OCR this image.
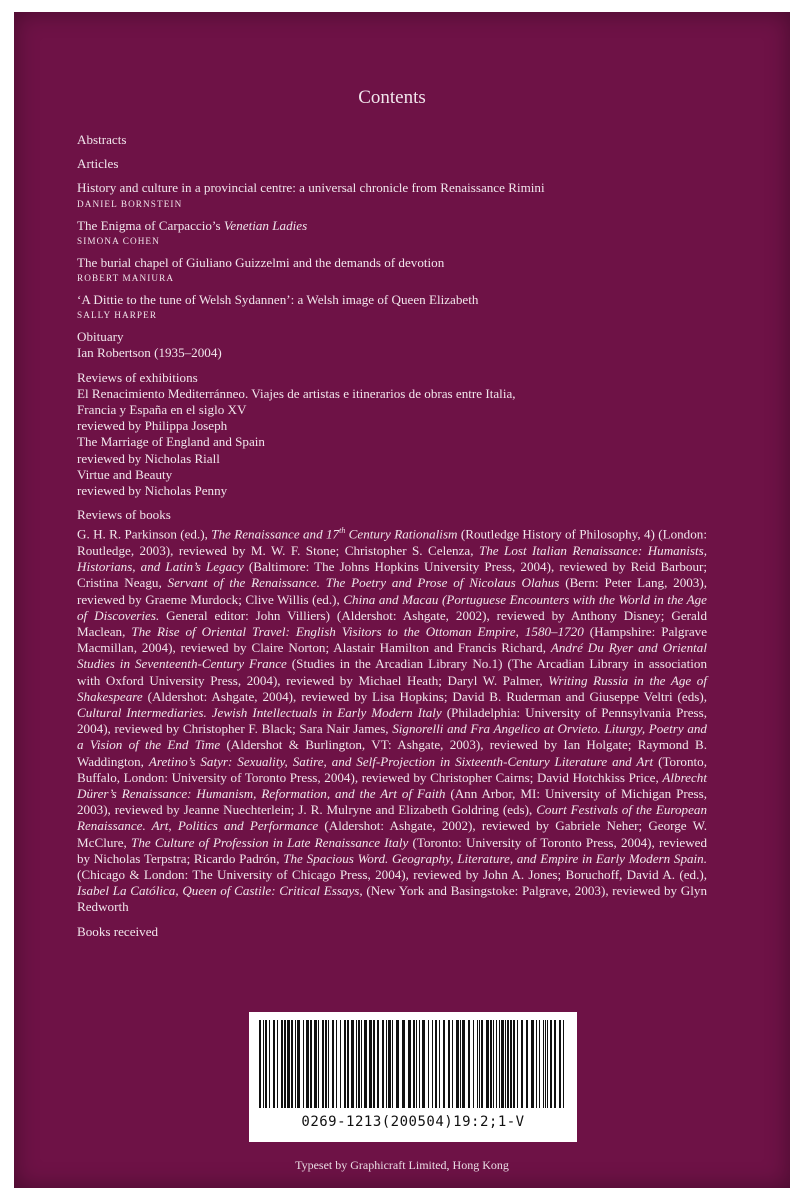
Contents

Abstracts

Articles

History and culture in a provincial centre: a universal chronicle from Renaissance Rimini

DANIEL BORNSTEIN

The Enigma of Carpaccio’s Venetian Ladies

SIMONA COHEN

The burial chapel of Giuliano Guizzelmi and the demands of devotion

ROBERT MANIURA

‘A Dittie to the tune of Welsh Sydannen’: a Welsh image of Queen Elizabeth

SALLY HARPER

Obituary

Ian Robertson (1935–2004)

Reviews of exhibitions

El Renacimiento Mediterránneo. Viajes de artistas e itinerarios de obras entre Italia,

Francia y España en el siglo XV

reviewed by Philippa Joseph

The Marriage of England and Spain

reviewed by Nicholas Riall

Virtue and Beauty

reviewed by Nicholas Penny

Reviews of books

G. H. R. Parkinson (ed.), The Renaissance and 17th Century Rationalism (Routledge History of Philosophy, 4) (London: Routledge, 2003), reviewed by M. W. F. Stone; Christopher S. Celenza, The Lost Italian Renaissance: Humanists, Historians, and Latin’s Legacy (Baltimore: The Johns Hopkins University Press, 2004), reviewed by Reid Barbour; Cristina Neagu, Servant of the Renaissance. The Poetry and Prose of Nicolaus Olahus (Bern: Peter Lang, 2003), reviewed by Graeme Murdock; Clive Willis (ed.), China and Macau (Portuguese Encounters with the World in the Age of Discoveries. General editor: John Villiers) (Aldershot: Ashgate, 2002), reviewed by Anthony Disney; Gerald Maclean, The Rise of Oriental Travel: English Visitors to the Ottoman Empire, 1580–1720 (Hampshire: Palgrave Macmillan, 2004), reviewed by Claire Norton; Alastair Hamilton and Francis Richard, André Du Ryer and Oriental Studies in Seventeenth-Century France (Studies in the Arcadian Library No.1) (The Arcadian Library in association with Oxford University Press, 2004), reviewed by Michael Heath; Daryl W. Palmer, Writing Russia in the Age of Shakespeare (Aldershot: Ashgate, 2004), reviewed by Lisa Hopkins; David B. Ruderman and Giuseppe Veltri (eds), Cultural Intermediaries. Jewish Intellectuals in Early Modern Italy (Philadelphia: University of Pennsylvania Press, 2004), reviewed by Christopher F. Black; Sara Nair James, Signorelli and Fra Angelico at Orvieto. Liturgy, Poetry and a Vision of the End Time (Aldershot & Burlington, VT: Ashgate, 2003), reviewed by Ian Holgate; Raymond B. Waddington, Aretino’s Satyr: Sexuality, Satire, and Self-Projection in Sixteenth-Century Literature and Art (Toronto, Buffalo, London: University of Toronto Press, 2004), reviewed by Christopher Cairns; David Hotchkiss Price, Albrecht Dürer’s Renaissance: Humanism, Reformation, and the Art of Faith (Ann Arbor, MI: University of Michigan Press, 2003), reviewed by Jeanne Nuechterlein; J. R. Mulryne and Elizabeth Goldring (eds), Court Festivals of the European Renaissance. Art, Politics and Performance (Aldershot: Ashgate, 2002), reviewed by Gabriele Neher; George W. McClure, The Culture of Profession in Late Renaissance Italy (Toronto: University of Toronto Press, 2004), reviewed by Nicholas Terpstra; Ricardo Padrón, The Spacious Word. Geography, Literature, and Empire in Early Modern Spain. (Chicago & London: The University of Chicago Press, 2004), reviewed by John A. Jones; Boruchoff, David A. (ed.), Isabel La Católica, Queen of Castile: Critical Essays, (New York and Basingstoke: Palgrave, 2003), reviewed by Glyn Redworth

Books received

0269-1213(200504)19:2;1-V
Typeset by Graphicraft Limited, Hong Kong
